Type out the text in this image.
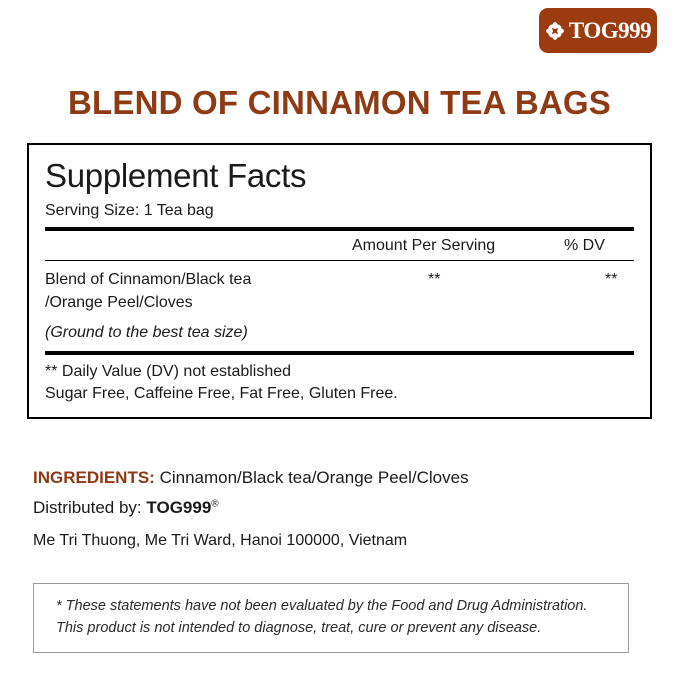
TOG999
BLEND OF CINNAMON TEA BAGS
Supplement Facts
Serving Size: 1 Tea bag
Amount Per Serving	% DV
Blend of Cinnamon/Black tea
/Orange Peel/Cloves
**	**
(Ground to the best tea size)
** Daily Value (DV) not established
Sugar Free, Caffeine Free, Fat Free, Gluten Free.
INGREDIENTS: Cinnamon/Black tea/Orange Peel/Cloves
Distributed by: TOG999®
Me Tri Thuong, Me Tri Ward, Hanoi 100000, Vietnam
* These statements have not been evaluated by the Food and Drug Administration.
This product is not intended to diagnose, treat, cure or prevent any disease.
